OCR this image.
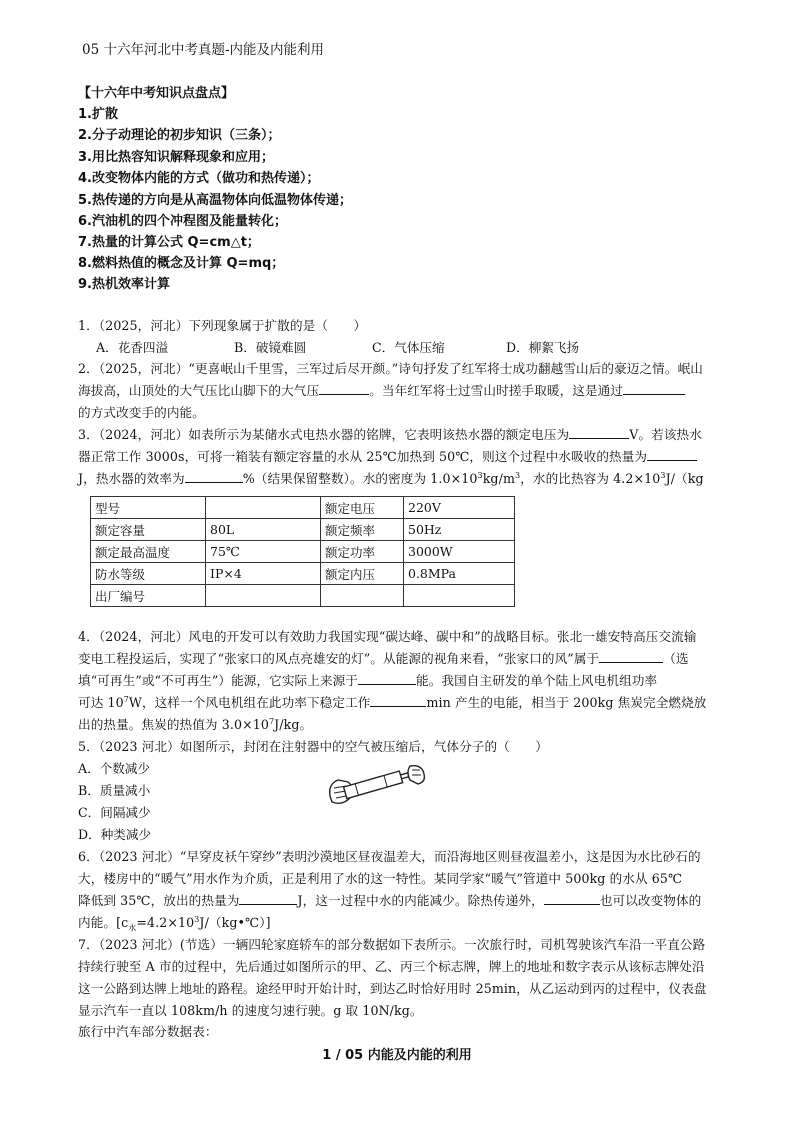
05 十六年河北中考真题-内能及内能利用
【十六年中考知识点盘点】
1.扩散
2.分子动理论的初步知识（三条）；
3.用比热容知识解释现象和应用；
4.改变物体内能的方式（做功和热传递）；
5.热传递的方向是从高温物体向低温物体传递；
6.汽油机的四个冲程图及能量转化；
7.热量的计算公式 Q=cm△t；
8.燃料热值的概念及计算 Q=mq；
9.热机效率计算
1．（2025，河北）下列现象属于扩散的是（　　）
A．花香四溢	B．破镜难圆	C．气体压缩	D．柳絮飞扬
2．（2025，河北）“更喜岷山千里雪，三军过后尽开颜。”诗句抒发了红军将士成功翻越雪山后的豪迈之情。岷山
海拔高，山顶处的大气压比山脚下的大气压	。当年红军将士过雪山时搓手取暖，这是通过
的方式改变手的内能。
3．（2024，河北）如表所示为某储水式电热水器的铭牌，它表明该热水器的额定电压为	V。若该热水
器正常工作 3000s，可将一箱装有额定容量的水从 25℃加热到 50℃，则这个过程中水吸收的热量为
J，热水器的效率为	%（结果保留整数）。水的密度为 $1.0\times 10^3kg/m^3$，水的比热容为 $4.2\times 10^3J/(kg$
型号		额定电压	220V
额定容量	80L	额定频率	50Hz
额定最高温度	75℃	额定功率	3000W
防水等级	IP×4	额定内压	0.8MPa
出厂编号			
4．（2024，河北）风电的开发可以有效助力我国实现“碳达峰、碳中和”的战略目标。张北一雄安特高压交流输
变电工程投运后，实现了“张家口的风点亮雄安的灯”。从能源的视角来看，“张家口的风”属于	（选
填“可再生”或“不可再生”）能源，它实际上来源于	能。我国自主研发的单个陆上风电机组功率
可达 $10^7W$，这样一个风电机组在此功率下稳定工作	min 产生的电能，相当于 200kg 焦炭完全燃烧放
出的热量。焦炭的热值为 $3.0\times 10^7J/kg$。
5．（2023 河北）如图所示，封闭在注射器中的空气被压缩后，气体分子的（　　）
A．个数减少
B．质量减小
C．间隔减少
D．种类减少
6．（2023 河北）“早穿皮袄午穿纱”表明沙漠地区昼夜温差大，而沿海地区则昼夜温差小，这是因为水比砂石的
大，楼房中的“暖气”用水作为介质，正是利用了水的这一特性。某同学家“暖气”管道中 500kg 的水从 65℃
降低到 35℃，放出的热量为	J，这一过程中水的内能减少。除热传递外，	也可以改变物体的
内能。$[c_水=4.2\times 10^3J/(kg•℃)]$
7．（2023 河北）(节选）一辆四轮家庭轿车的部分数据如下表所示。一次旅行时，司机驾驶该汽车沿一平直公路
持续行驶至 A 市的过程中，先后通过如图所示的甲、乙、丙三个标志牌，牌上的地址和数字表示从该标志牌处沿
这一公路到达牌上地址的路程。途经甲时开始计时，到达乙时恰好用时 25min，从乙运动到丙的过程中，仪表盘
显示汽车一直以 108km/h 的速度匀速行驶。g 取 10N/kg。
旅行中汽车部分数据表：
1 / 05 内能及内能的利用
